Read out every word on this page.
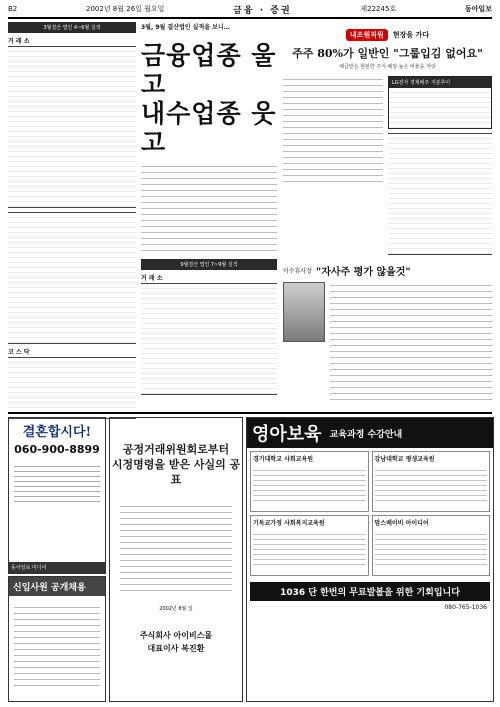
B2	2002년 8월 26일 월요일	금융 · 증권	제22245호	동아일보
3월결산 법인 4~6월 실적
거 래 소
코 스 닥
3월, 9월 결산법인 실적을 보니…
금융업종 울고
내수업종 웃고
9월결산 법인 7~9월 실적
거 래 소
내조원직원 현장을 가다
주주 80%가 일반인 "그룹입김 없어요"
배급받은 현판한 주식·배당 높은 비율을 자랑
LG전자 경제배주 지분추이
이수휴사장 "자사주 평가 않을것"
결혼합시다!
060-900-8899
동아일보 미디어
신입사원 공개채용
공정거래위원회로부터
시정명령을 받은 사실의 공표
2002년 8월 일
주식회사 아이비스몰
대표이사 복진환
영아보육 교육과정 수강안내
경기대학교 사회교육원	강남대학교 평생교육원
기독교가정 사회복지교육원	맘스베이비 아이디어
1036 단 한번의 무료발볼을 위한 기회입니다
080-765-1036
